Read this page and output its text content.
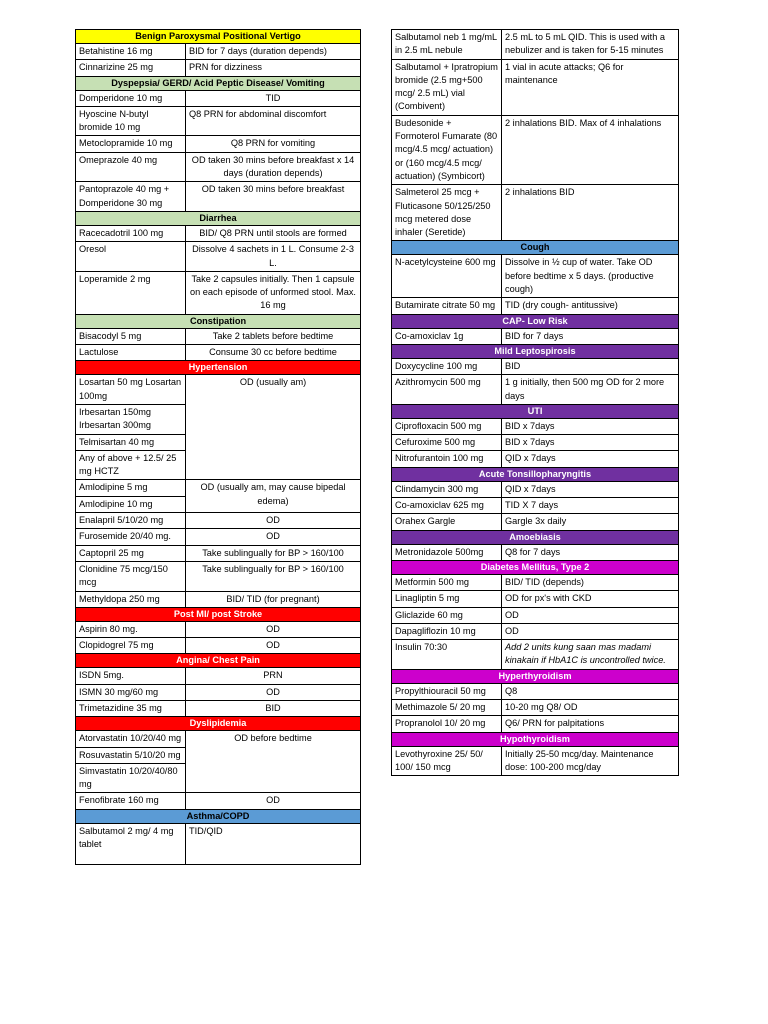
Benign Paroxysmal Positional Vertigo	
Betahistine 16 mg	BID for 7 days (duration depends)
Cinnarizine 25 mg	PRN for dizziness
Dyspepsia/ GERD/ Acid Peptic Disease/ Vomiting	
Domperidone 10 mg	TID
Hyoscine N-butyl bromide 10 mg	Q8 PRN for abdominal discomfort
Metoclopramide 10 mg	Q8 PRN for vomiting
Omeprazole 40 mg	OD taken 30 mins before breakfast x 14 days (duration depends)
Pantoprazole 40 mg + Domperidone 30 mg	OD taken 30 mins before breakfast
Diarrhea	
Racecadotril 100 mg	BID/ Q8 PRN until stools are formed
Oresol	Dissolve 4 sachets in 1 L. Consume 2-3 L.
Loperamide 2 mg	Take 2 capsules initially. Then 1 capsule on each episode of unformed stool. Max. 16 mg
Constipation	
Bisacodyl 5 mg	Take 2 tablets before bedtime
Lactulose	Consume 30 cc before bedtime
Hypertension	
Losartan 50 mg Losartan 100mg	OD (usually am)
Irbesartan 150mg Irbesartan 300mg	
Telmisartan 40 mg	
Any of above + 12.5/ 25 mg HCTZ	
Amlodipine 5 mg	OD (usually am, may cause bipedal edema)
Amlodipine 10 mg	
Enalapril 5/10/20 mg	OD
Furosemide 20/40 mg.	OD
Captopril 25 mg	Take sublingually for BP > 160/100
Clonidine 75 mcg/150 mcg	Take sublingually for BP > 160/100
Methyldopa 250 mg	BID/ TID (for pregnant)
Post MI/ post Stroke	
Aspirin 80 mg.	OD
Clopidogrel 75 mg	OD
Angina/ Chest Pain	
ISDN 5mg.	PRN
ISMN 30 mg/60 mg	OD
Trimetazidine 35 mg	BID
Dyslipidemia	
Atorvastatin 10/20/40 mg	OD before bedtime
Rosuvastatin 5/10/20 mg	
Simvastatin 10/20/40/80 mg	
Fenofibrate 160 mg	OD
Asthma/COPD	
Salbutamol 2 mg/ 4 mg tablet	TID/QID
Salbutamol neb 1 mg/mL in 2.5 mL nebule	2.5 mL to 5 mL QID. This is used with a nebulizer and is taken for 5-15 minutes
Salbutamol + Ipratropium bromide (2.5 mg+500 mcg/ 2.5 mL) vial (Combivent)	1 vial in acute attacks; Q6 for maintenance
Budesonide + Formoterol Fumarate (80 mcg/4.5 mcg/ actuation) or (160 mcg/4.5 mcg/ actuation) (Symbicort)	2 inhalations BID. Max of 4 inhalations
Salmeterol 25 mcg + Fluticasone 50/125/250 mcg metered dose inhaler (Seretide)	2 inhalations BID
Cough	
N-acetylcysteine 600 mg	Dissolve in ½ cup of water. Take OD before bedtime x 5 days. (productive cough)
Butamirate citrate 50 mg	TID (dry cough- antitussive)
CAP- Low Risk	
Co-amoxiclav 1g	BID for 7 days
Mild Leptospirosis	
Doxycycline 100 mg	BID
Azithromycin 500 mg	1 g initially, then 500 mg OD for 2 more days
UTI	
Ciprofloxacin 500 mg	BID x 7days
Cefuroxime 500 mg	BID x 7days
Nitrofurantoin 100 mg	QID x 7days
Acute Tonsillopharyngitis	
Clindamycin 300 mg	QID x 7days
Co-amoxiclav 625 mg	TID X 7 days
Orahex Gargle	Gargle 3x daily
Amoebiasis	
Metronidazole 500mg	Q8 for 7 days
Diabetes Mellitus, Type 2	
Metformin 500 mg	BID/ TID (depends)
Linagliptin 5 mg	OD for px's with CKD
Gliclazide 60 mg	OD
Dapagliflozin 10 mg	OD
Insulin 70:30	Add 2 units kung saan mas madami kinakain if HbA1C is uncontrolled twice.
Hyperthyroidism	
Propylthiouracil 50 mg	Q8
Methimazole 5/ 20 mg	10-20 mg Q8/ OD
Propranolol 10/ 20 mg	Q6/ PRN for palpitations
Hypothyroidism	
Levothyroxine 25/ 50/ 100/ 150 mcg	Initially 25-50 mcg/day. Maintenance dose: 100-200 mcg/day
